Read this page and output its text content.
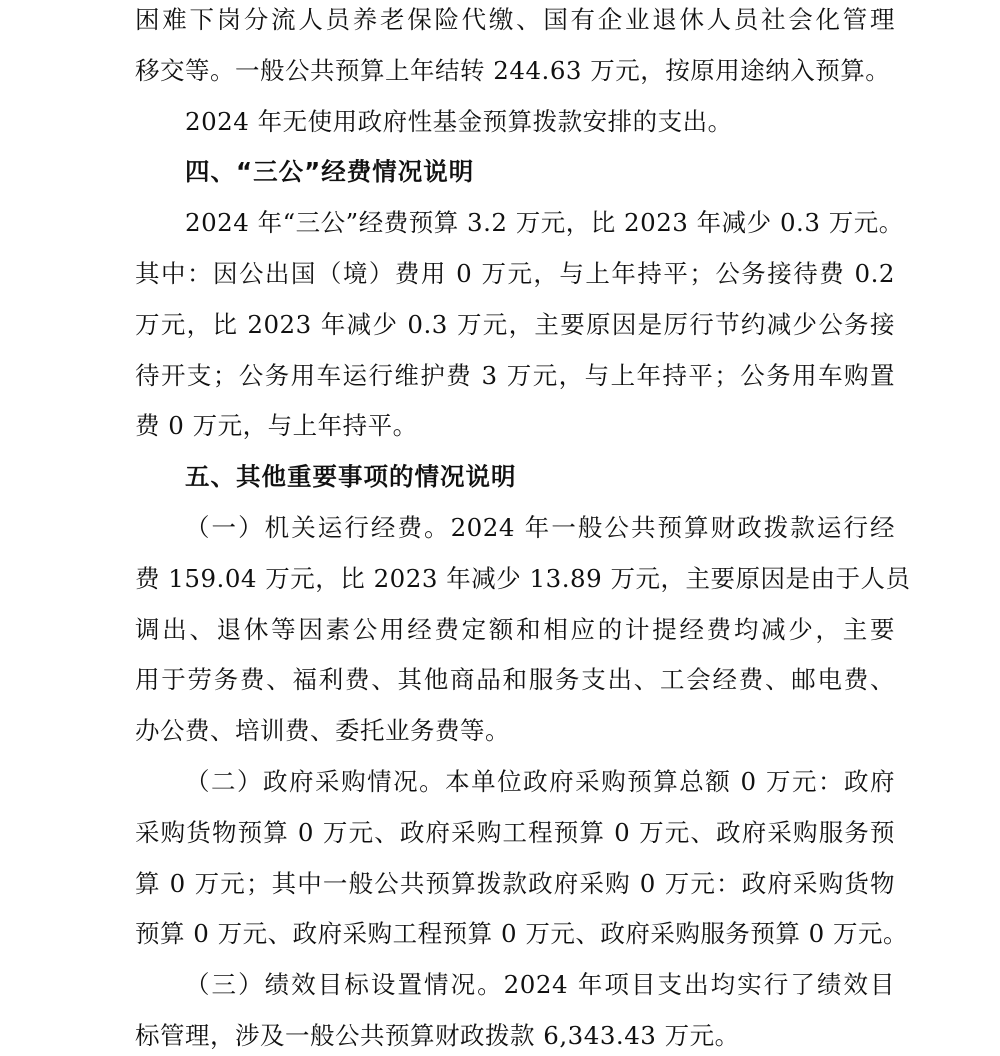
困难下岗分流人员养老保险代缴、国有企业退休人员社会化管理
移交等。一般公共预算上年结转 244.63 万元，按原用途纳入预算。
2024 年无使用政府性基金预算拨款安排的支出。
四、“三公”经费情况说明
2024 年“三公”经费预算 3.2 万元，比 2023 年减少 0.3 万元。
其中：因公出国（境）费用 0 万元，与上年持平；公务接待费 0.2
万元，比 2023 年减少 0.3 万元，主要原因是厉行节约减少公务接
待开支；公务用车运行维护费 3 万元，与上年持平；公务用车购置
费 0 万元，与上年持平。
五、其他重要事项的情况说明
（一）机关运行经费。2024 年一般公共预算财政拨款运行经
费 159.04 万元，比 2023 年减少 13.89 万元，主要原因是由于人员
调出、退休等因素公用经费定额和相应的计提经费均减少，主要
用于劳务费、福利费、其他商品和服务支出、工会经费、邮电费、
办公费、培训费、委托业务费等。
（二）政府采购情况。本单位政府采购预算总额 0 万元：政府
采购货物预算 0 万元、政府采购工程预算 0 万元、政府采购服务预
算 0 万元；其中一般公共预算拨款政府采购 0 万元：政府采购货物
预算 0 万元、政府采购工程预算 0 万元、政府采购服务预算 0 万元。
（三）绩效目标设置情况。2024 年项目支出均实行了绩效目
标管理，涉及一般公共预算财政拨款 6,343.43 万元。
